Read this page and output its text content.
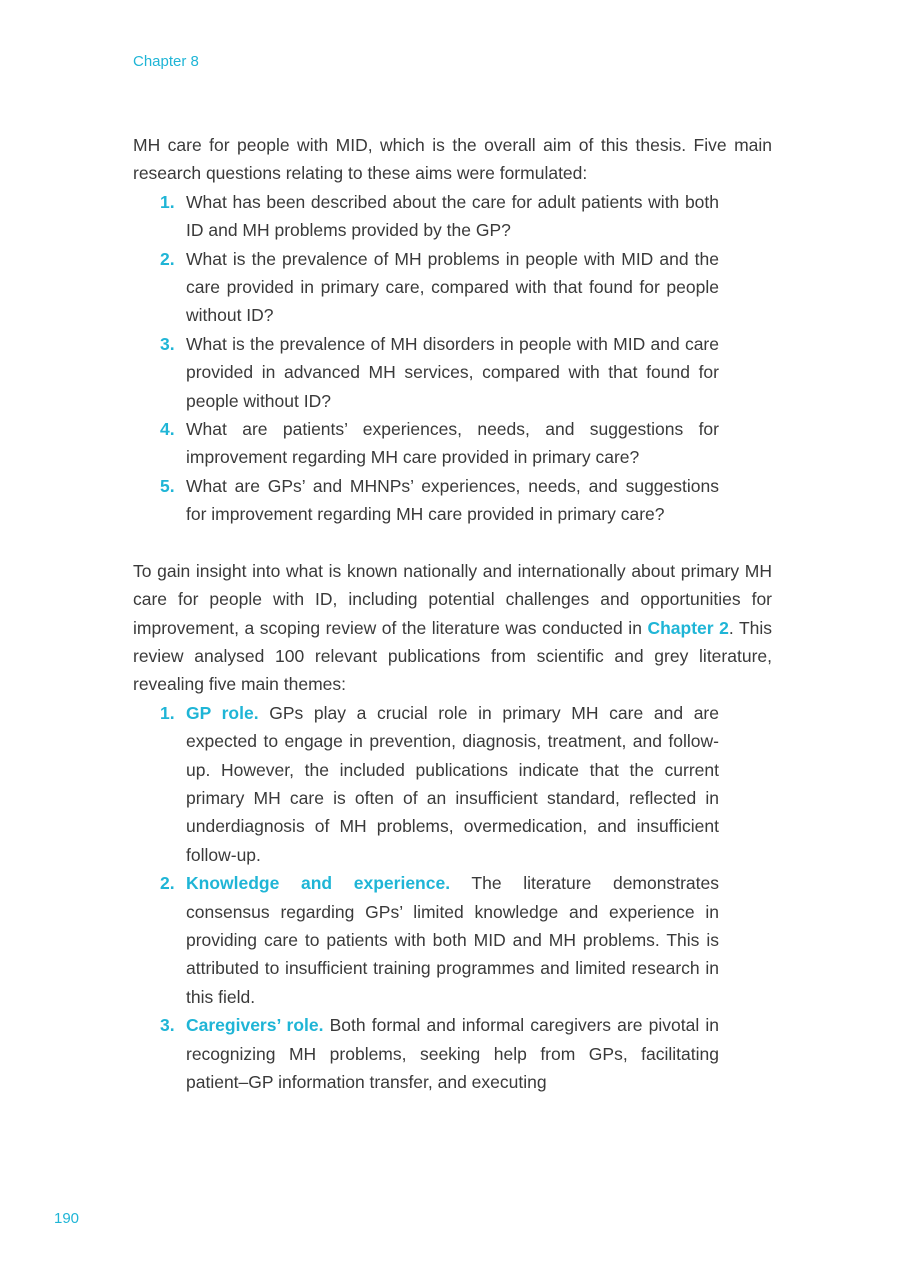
Chapter 8

MH care for people with MID, which is the overall aim of this thesis. Five main research questions relating to these aims were formulated:

1. What has been described about the care for adult patients with both ID and MH problems provided by the GP?
2. What is the prevalence of MH problems in people with MID and the care provided in primary care, compared with that found for people without ID?
3. What is the prevalence of MH disorders in people with MID and care provided in advanced MH services, compared with that found for people without ID?
4. What are patients’ experiences, needs, and suggestions for improvement regarding MH care provided in primary care?
5. What are GPs’ and MHNPs’ experiences, needs, and suggestions for improvement regarding MH care provided in primary care?

To gain insight into what is known nationally and internationally about primary MH care for people with ID, including potential challenges and opportunities for improvement, a scoping review of the literature was conducted in Chapter 2. This review analysed 100 relevant publications from scientific and grey literature, revealing five main themes:

1. GP role. GPs play a crucial role in primary MH care and are expected to engage in prevention, diagnosis, treatment, and follow-up. However, the included publications indicate that the current primary MH care is often of an insufficient standard, reflected in underdiagnosis of MH problems, overmedication, and insufficient follow-up.
2. Knowledge and experience. The literature demonstrates consensus regarding GPs’ limited knowledge and experience in providing care to patients with both MID and MH problems. This is attributed to insufficient training programmes and limited research in this field.
3. Caregivers’ role. Both formal and informal caregivers are pivotal in recognizing MH problems, seeking help from GPs, facilitating patient–GP information transfer, and executing
190
